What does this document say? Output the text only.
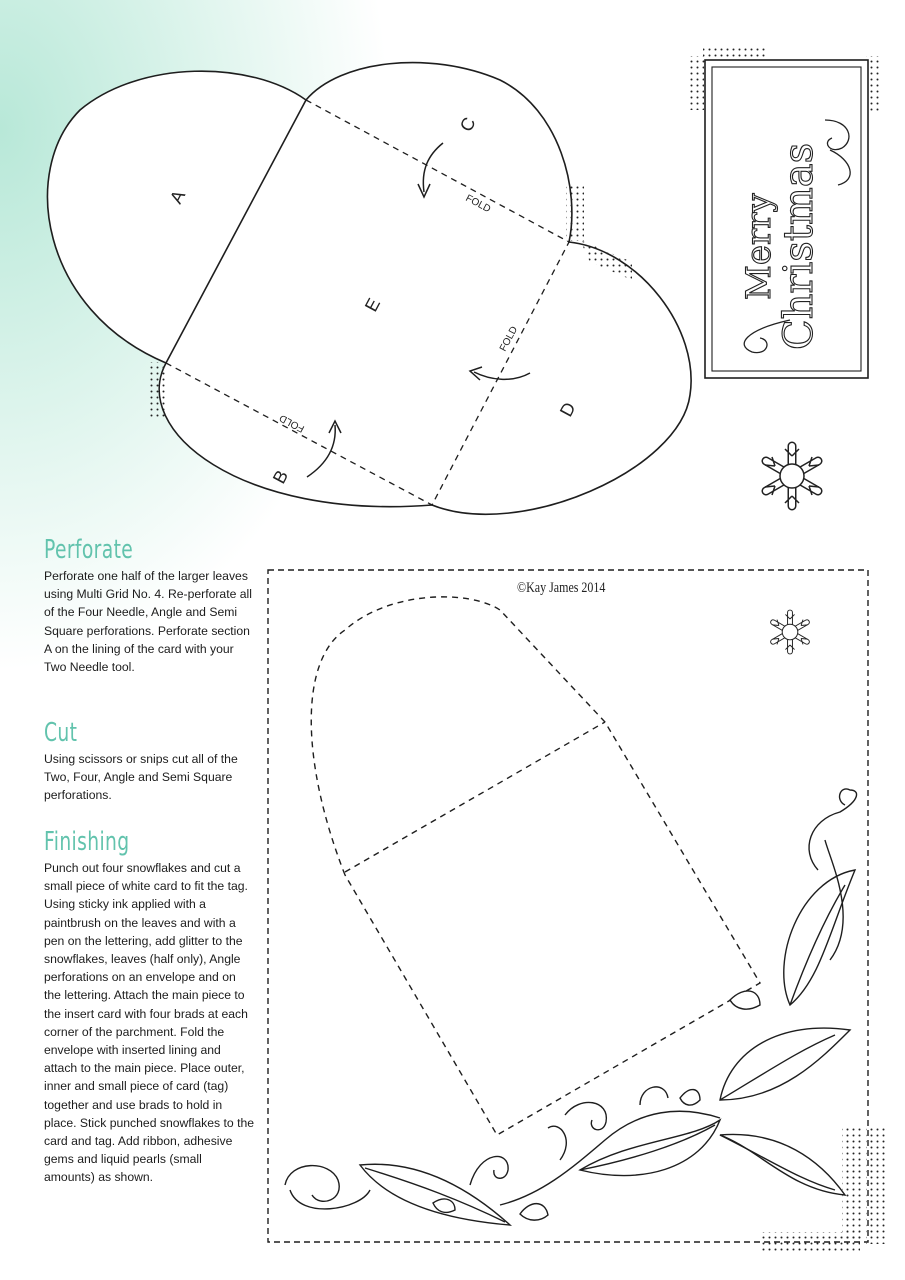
A
C
E
D
B
FOLD
FOLD
FOLD
Merry
Christmas
Perforate

Perforate one half of the larger leaves using Multi Grid No. 4. Re-perforate all of the Four Needle, Angle and Semi Square perforations. Perforate section A on the lining of the card with your Two Needle tool.

Cut

Using scissors or snips cut all of the Two, Four, Angle and Semi Square perforations.

Finishing

Punch out four snowflakes and cut a small piece of white card to fit the tag. Using sticky ink applied with a paintbrush on the leaves and with a pen on the lettering, add glitter to the snowflakes, leaves (half only), Angle perforations on an envelope and on the lettering. Attach the main piece to the insert card with four brads at each corner of the parchment. Fold the envelope with inserted lining and attach to the main piece. Place outer, inner and small piece of card (tag) together and use brads to hold in place. Stick punched snowflakes to the card and tag. Add ribbon, adhesive gems and liquid pearls (small amounts) as shown.

©Kay James 2014
